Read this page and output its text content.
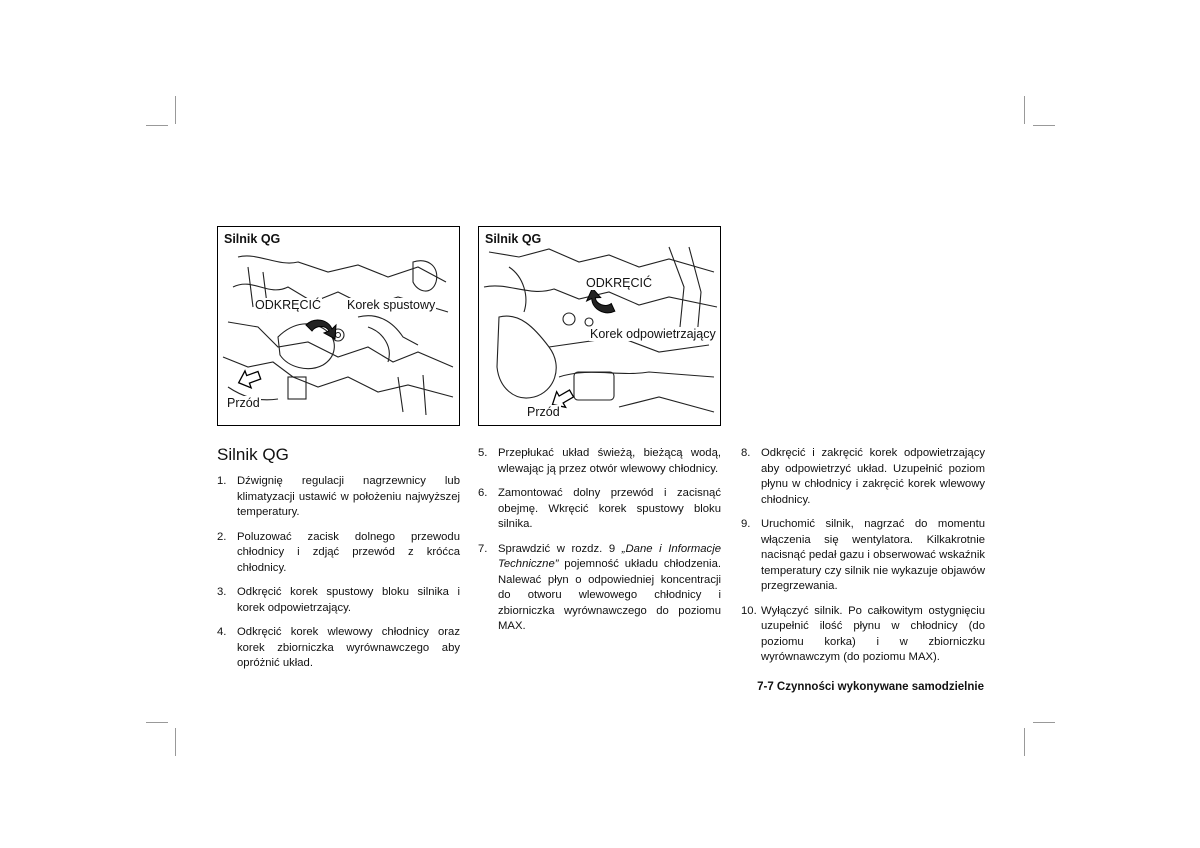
Silnik QG
ODKRĘCIĆ Korek spustowy
Przód
Silnik QG
ODKRĘCIĆ
Korek odpowietrzający
Przód
Silnik QG
1. Dźwignię regulacji nagrzewnicy lub klimatyzacji ustawić w położeniu najwyższej temperatury.
2. Poluzować zacisk dolnego przewodu chłodnicy i zdjąć przewód z króćca chłodnicy.
3. Odkręcić korek spustowy bloku silnika i korek odpowietrzający.
4. Odkręcić korek wlewowy chłodnicy oraz korek zbiorniczka wyrównawczego aby opróżnić układ.
5. Przepłukać układ świeżą, bieżącą wodą, wlewając ją przez otwór wlewowy chłodnicy.
6. Zamontować dolny przewód i zacisnąć obejmę. Wkręcić korek spustowy bloku silnika.
7. Sprawdzić w rozdz. 9 „Dane i Informacje Techniczne” pojemność układu chłodzenia. Nalewać płyn o odpowiedniej koncentracji do otworu wlewowego chłodnicy i zbiorniczka wyrównawczego do poziomu MAX.
8. Odkręcić i zakręcić korek odpowietrzający aby odpowietrzyć układ. Uzupełnić poziom płynu w chłodnicy i zakręcić korek wlewowy chłodnicy.
9. Uruchomić silnik, nagrzać do momentu włączenia się wentylatora. Kilkakrotnie nacisnąć pedał gazu i obserwować wskaźnik temperatury czy silnik nie wykazuje objawów przegrzewania.
10. Wyłączyć silnik. Po całkowitym ostygnięciu uzupełnić ilość płynu w chłodnicy (do poziomu korka) i w zbiorniczku wyrównawczym (do poziomu MAX).
7-7 Czynności wykonywane samodzielnie
